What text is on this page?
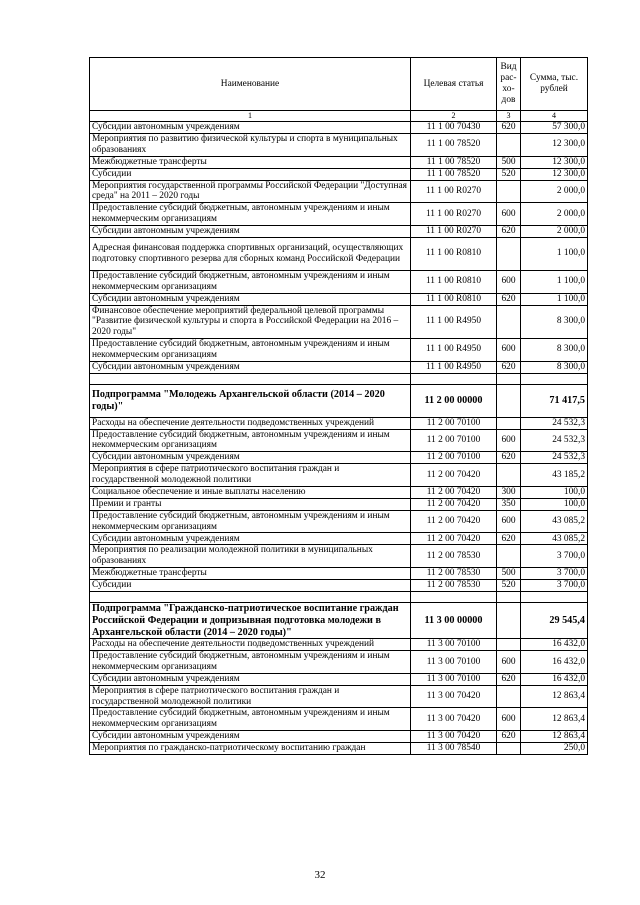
Наименование	Целевая статья	Вид рас-хо-дов	Сумма, тыс. рублей
1	2	3	4
Субсидии автономным учреждениям	11 1 00 70430	620	57 300,0
Мероприятия по развитию физической культуры и спорта в муниципальных образованиях	11 1 00 78520		12 300,0
Межбюджетные трансферты	11 1 00 78520	500	12 300,0
Субсидии	11 1 00 78520	520	12 300,0
Мероприятия государственной программы Российской Федерации "Доступная среда" на 2011 – 2020 годы	11 1 00 R0270		2 000,0
Предоставление субсидий бюджетным, автономным учреждениям и иным некоммерческим организациям	11 1 00 R0270	600	2 000,0
Субсидии автономным учреждениям	11 1 00 R0270	620	2 000,0
Адресная финансовая поддержка спортивных организаций, осуществляющих подготовку спортивного резерва для сборных команд Российской Федерации	11 1 00 R0810		1 100,0
Предоставление субсидий бюджетным, автономным учреждениям и иным некоммерческим организациям	11 1 00 R0810	600	1 100,0
Субсидии автономным учреждениям	11 1 00 R0810	620	1 100,0
Финансовое обеспечение мероприятий федеральной целевой программы "Развитие физической культуры и спорта в Российской Федерации на 2016 – 2020 годы"	11 1 00 R4950		8 300,0
Предоставление субсидий бюджетным, автономным учреждениям и иным некоммерческим организациям	11 1 00 R4950	600	8 300,0
Субсидии автономным учреждениям	11 1 00 R4950	620	8 300,0

Подпрограмма "Молодежь Архангельской области (2014 – 2020 годы)"	11 2 00 00000		71 417,5
Расходы на обеспечение деятельности подведомственных учреждений	11 2 00 70100		24 532,3
Предоставление субсидий бюджетным, автономным учреждениям и иным некоммерческим организациям	11 2 00 70100	600	24 532,3
Субсидии автономным учреждениям	11 2 00 70100	620	24 532,3
Мероприятия в сфере патриотического воспитания граждан и государственной молодежной политики	11 2 00 70420		43 185,2
Социальное обеспечение и иные выплаты населению	11 2 00 70420	300	100,0
Премии и гранты	11 2 00 70420	350	100,0
Предоставление субсидий бюджетным, автономным учреждениям и иным некоммерческим организациям	11 2 00 70420	600	43 085,2
Субсидии автономным учреждениям	11 2 00 70420	620	43 085,2
Мероприятия по реализации молодежной политики в муниципальных образованиях	11 2 00 78530		3 700,0
Межбюджетные трансферты	11 2 00 78530	500	3 700,0
Субсидии	11 2 00 78530	520	3 700,0

Подпрограмма "Гражданско-патриотическое воспитание граждан Российской Федерации и допризывная подготовка молодежи в Архангельской области (2014 – 2020 годы)"	11 3 00 00000		29 545,4
Расходы на обеспечение деятельности подведомственных учреждений	11 3 00 70100		16 432,0
Предоставление субсидий бюджетным, автономным учреждениям и иным некоммерческим организациям	11 3 00 70100	600	16 432,0
Субсидии автономным учреждениям	11 3 00 70100	620	16 432,0
Мероприятия в сфере патриотического воспитания граждан и государственной молодежной политики	11 3 00 70420		12 863,4
Предоставление субсидий бюджетным, автономным учреждениям и иным некоммерческим организациям	11 3 00 70420	600	12 863,4
Субсидии автономным учреждениям	11 3 00 70420	620	12 863,4
Мероприятия по гражданско-патриотическому воспитанию граждан	11 3 00 78540		250,0
32
